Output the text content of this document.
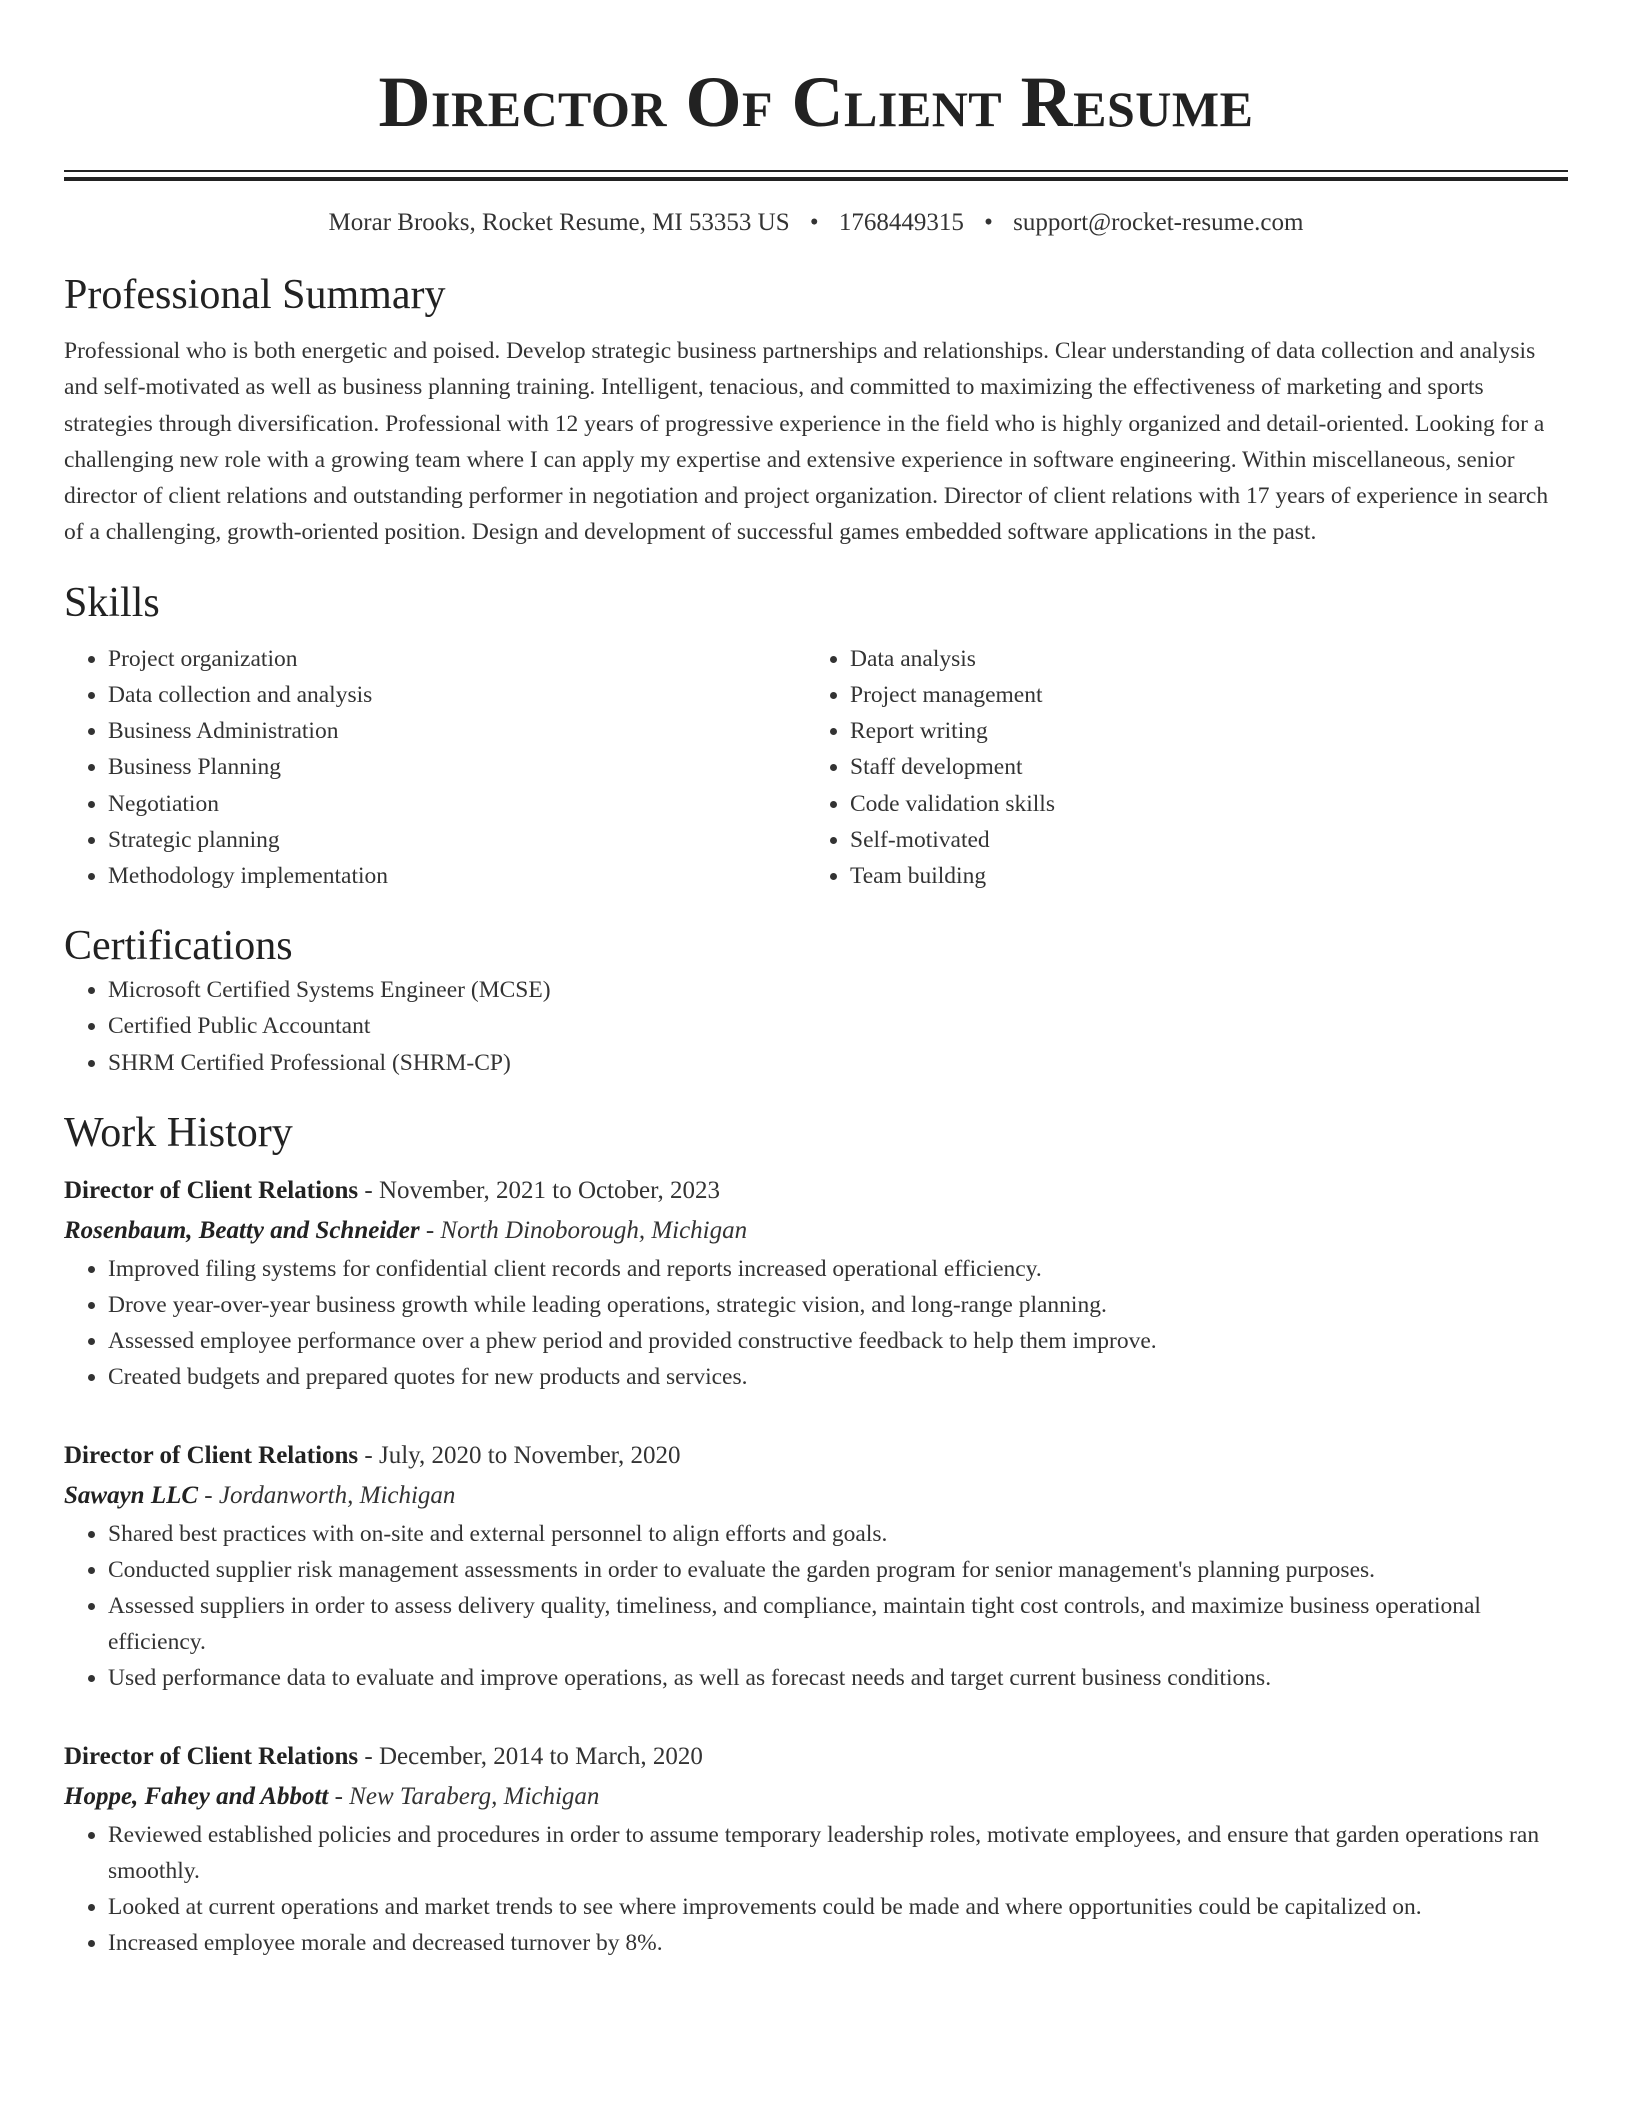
Director Of Client Resume
Morar Brooks, Rocket Resume, MI 53353 US • 1768449315 • support@rocket-resume.com
Professional Summary

Professional who is both energetic and poised. Develop strategic business partnerships and relationships. Clear understanding of data collection and analysis and self-motivated as well as business planning training. Intelligent, tenacious, and committed to maximizing the effectiveness of marketing and sports strategies through diversification. Professional with 12 years of progressive experience in the field who is highly organized and detail-oriented. Looking for a challenging new role with a growing team where I can apply my expertise and extensive experience in software engineering. Within miscellaneous, senior director of client relations and outstanding performer in negotiation and project organization. Director of client relations with 17 years of experience in search of a challenging, growth-oriented position. Design and development of successful games embedded software applications in the past.

Skills
• Project organization
• Data collection and analysis
• Business Administration
• Business Planning
• Negotiation
• Strategic planning
• Methodology implementation
• Data analysis
• Project management
• Report writing
• Staff development
• Code validation skills
• Self-motivated
• Team building
Certifications
• Microsoft Certified Systems Engineer (MCSE)
• Certified Public Accountant
• SHRM Certified Professional (SHRM-CP)
Work History
Director of Client Relations - November, 2021 to October, 2023
Rosenbaum, Beatty and Schneider - North Dinoborough, Michigan
• Improved filing systems for confidential client records and reports increased operational efficiency.
• Drove year-over-year business growth while leading operations, strategic vision, and long-range planning.
• Assessed employee performance over a phew period and provided constructive feedback to help them improve.
• Created budgets and prepared quotes for new products and services.
Director of Client Relations - July, 2020 to November, 2020
Sawayn LLC - Jordanworth, Michigan
• Shared best practices with on-site and external personnel to align efforts and goals.
• Conducted supplier risk management assessments in order to evaluate the garden program for senior management's planning purposes.
• Assessed suppliers in order to assess delivery quality, timeliness, and compliance, maintain tight cost controls, and maximize business operational efficiency.
• Used performance data to evaluate and improve operations, as well as forecast needs and target current business conditions.
Director of Client Relations - December, 2014 to March, 2020
Hoppe, Fahey and Abbott - New Taraberg, Michigan
• Reviewed established policies and procedures in order to assume temporary leadership roles, motivate employees, and ensure that garden operations ran smoothly.
• Looked at current operations and market trends to see where improvements could be made and where opportunities could be capitalized on.
• Increased employee morale and decreased turnover by 8%.
